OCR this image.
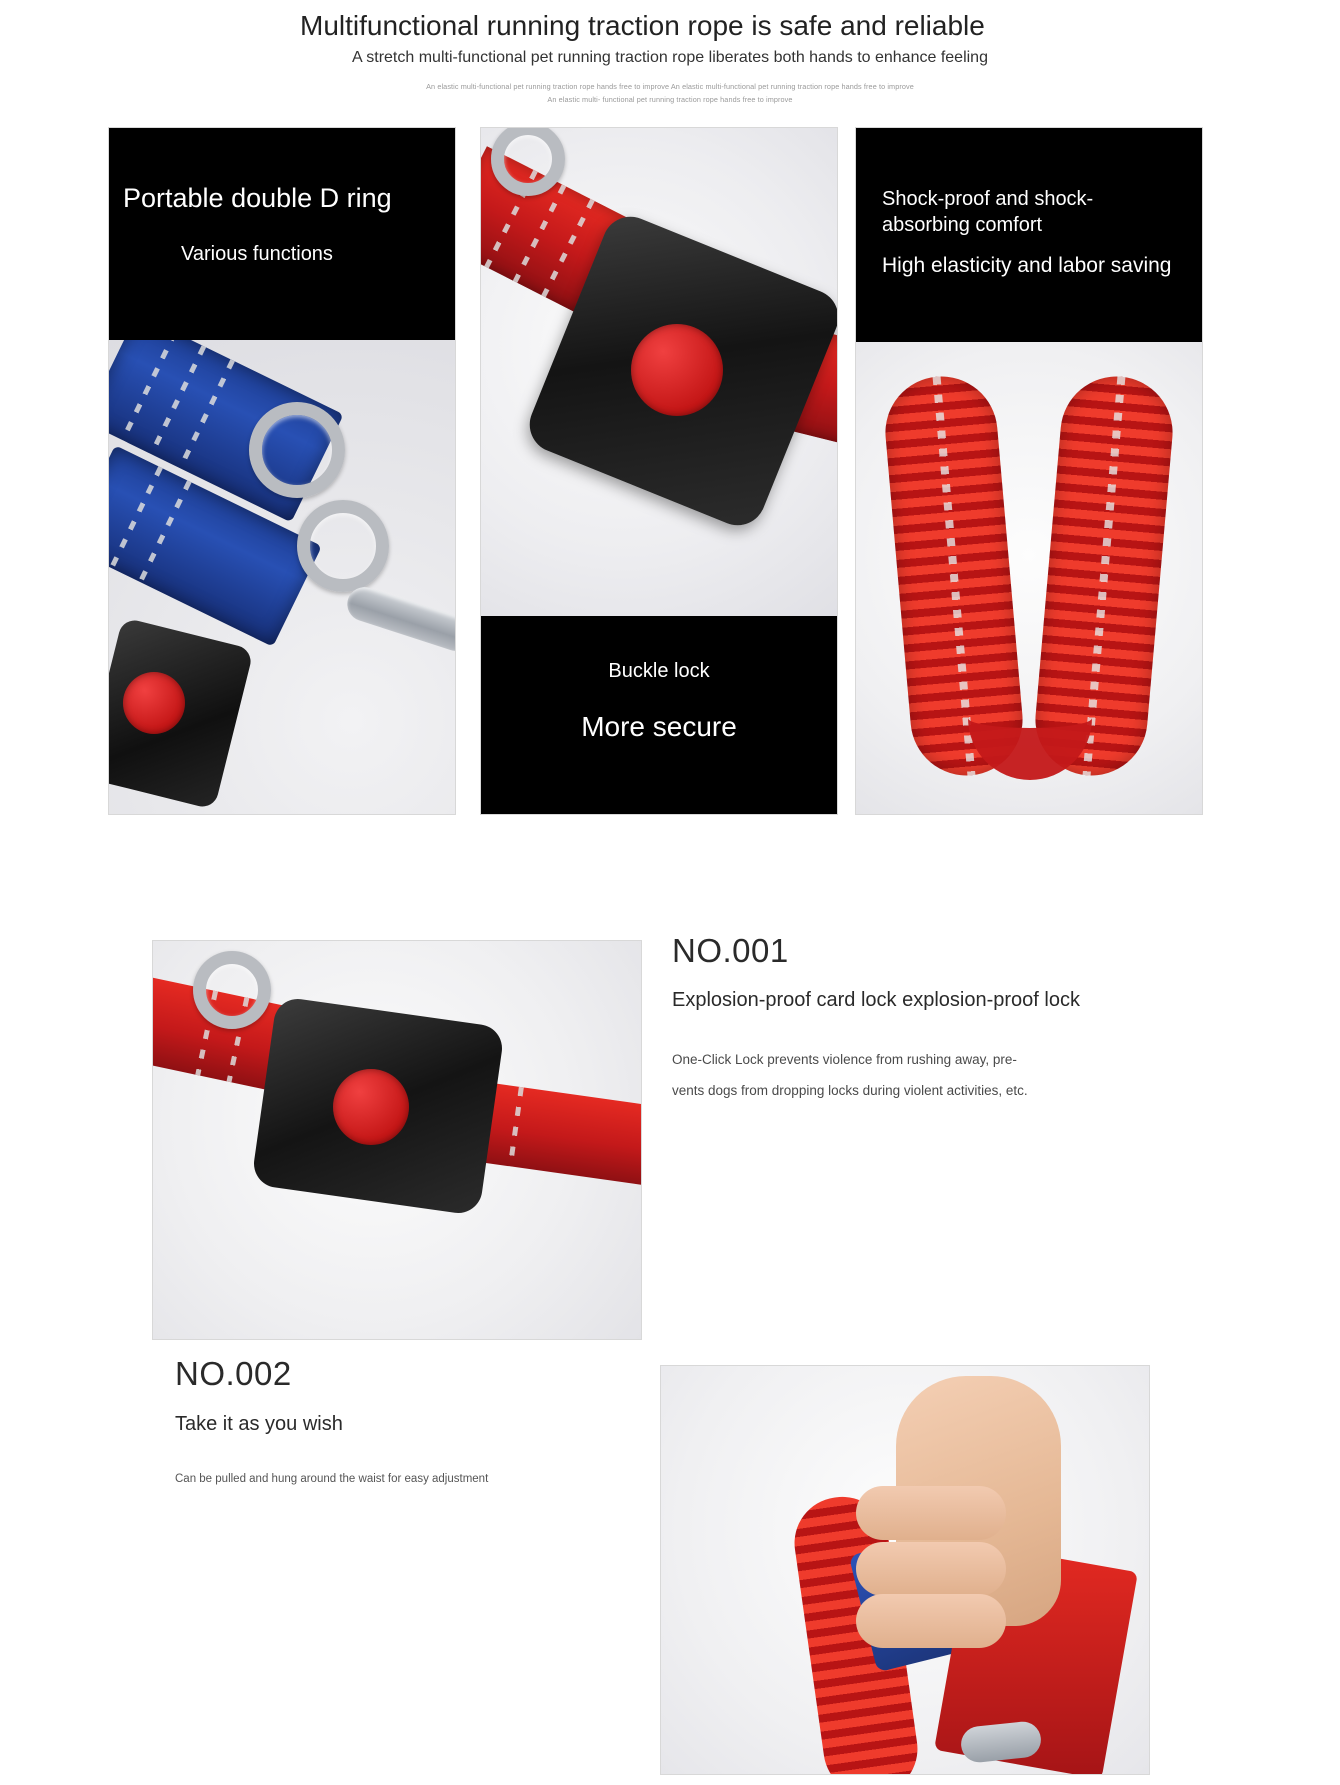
Multifunctional running traction rope is safe and reliable
A stretch multi-functional pet running traction rope liberates both hands to enhance feeling
An elastic multi-functional pet running traction rope hands free to improve An elastic multi-functional pet running traction rope hands free to improve
An elastic multi- functional pet running traction rope hands free to improve
Portable double D ring
Various functions
Buckle lock
More secure
Shock-proof and shock-absorbing comfort
High elasticity and labor saving
NO.001
Explosion-proof card lock explosion-proof lock
One-Click Lock prevents violence from rushing away, pre-
vents dogs from dropping locks during violent activities, etc.
NO.002
Take it as you wish
Can be pulled and hung around the waist for easy adjustment
